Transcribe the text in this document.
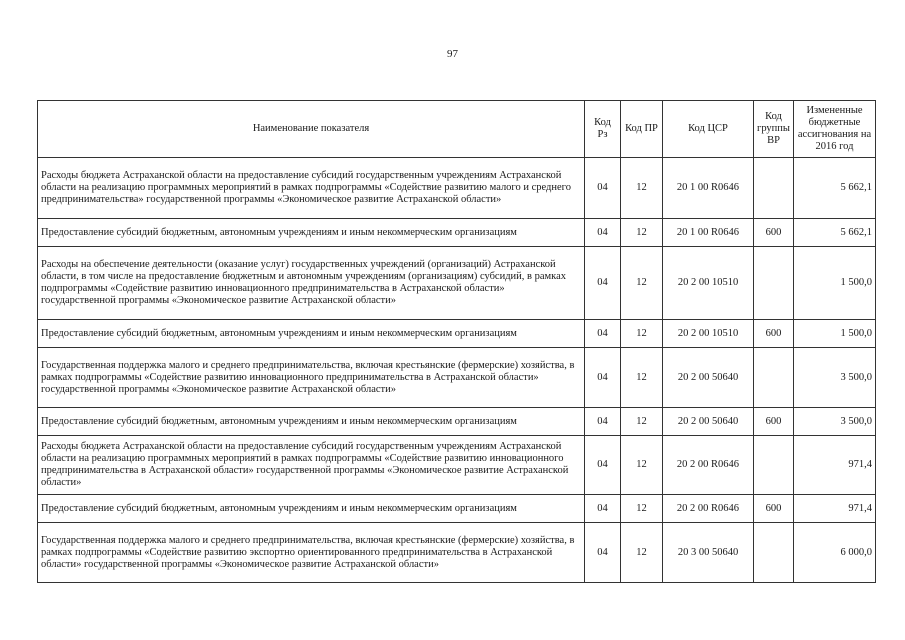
97
Наименование показателя	Код Рз	Код ПР	Код ЦСР	Код группы ВР	Измененные бюджетные ассигнования на 2016 год
Расходы бюджета Астраханской области на предоставление субсидий государственным учреждениям Астраханской области на реализацию программных мероприятий в рамках подпрограммы «Содействие развитию малого и среднего предпринимательства» государственной программы «Экономическое развитие Астраханской области»	04	12	20 1 00 R0646		5 662,1
Предоставление субсидий бюджетным, автономным учреждениям и иным некоммерческим организациям	04	12	20 1 00 R0646	600	5 662,1
Расходы на обеспечение деятельности (оказание услуг) государственных учреждений (организаций) Астраханской области, в том числе на предоставление бюджетным и автономным учреждениям (организациям) субсидий, в рамках подпрограммы «Содействие развитию инновационного предпринимательства в Астраханской области» государственной программы «Экономическое развитие Астраханской области»	04	12	20 2 00 10510		1 500,0
Предоставление субсидий бюджетным, автономным учреждениям и иным некоммерческим организациям	04	12	20 2 00 10510	600	1 500,0
Государственная поддержка малого и среднего предпринимательства, включая крестьянские (фермерские) хозяйства, в рамках подпрограммы «Содействие развитию инновационного предпринимательства в Астраханской области» государственной программы «Экономическое развитие Астраханской области»	04	12	20 2 00 50640		3 500,0
Предоставление субсидий бюджетным, автономным учреждениям и иным некоммерческим организациям	04	12	20 2 00 50640	600	3 500,0
Расходы бюджета Астраханской области на предоставление субсидий государственным учреждениям Астраханской области на реализацию программных мероприятий в рамках подпрограммы «Содействие развитию инновационного предпринимательства в Астраханской области» государственной программы «Экономическое развитие Астраханской области»	04	12	20 2 00 R0646		971,4
Предоставление субсидий бюджетным, автономным учреждениям и иным некоммерческим организациям	04	12	20 2 00 R0646	600	971,4
Государственная поддержка малого и среднего предпринимательства, включая крестьянские (фермерские) хозяйства, в рамках подпрограммы «Содействие развитию экспортно ориентированного предпринимательства в Астраханской области» государственной программы «Экономическое развитие Астраханской области»	04	12	20 3 00 50640		6 000,0
